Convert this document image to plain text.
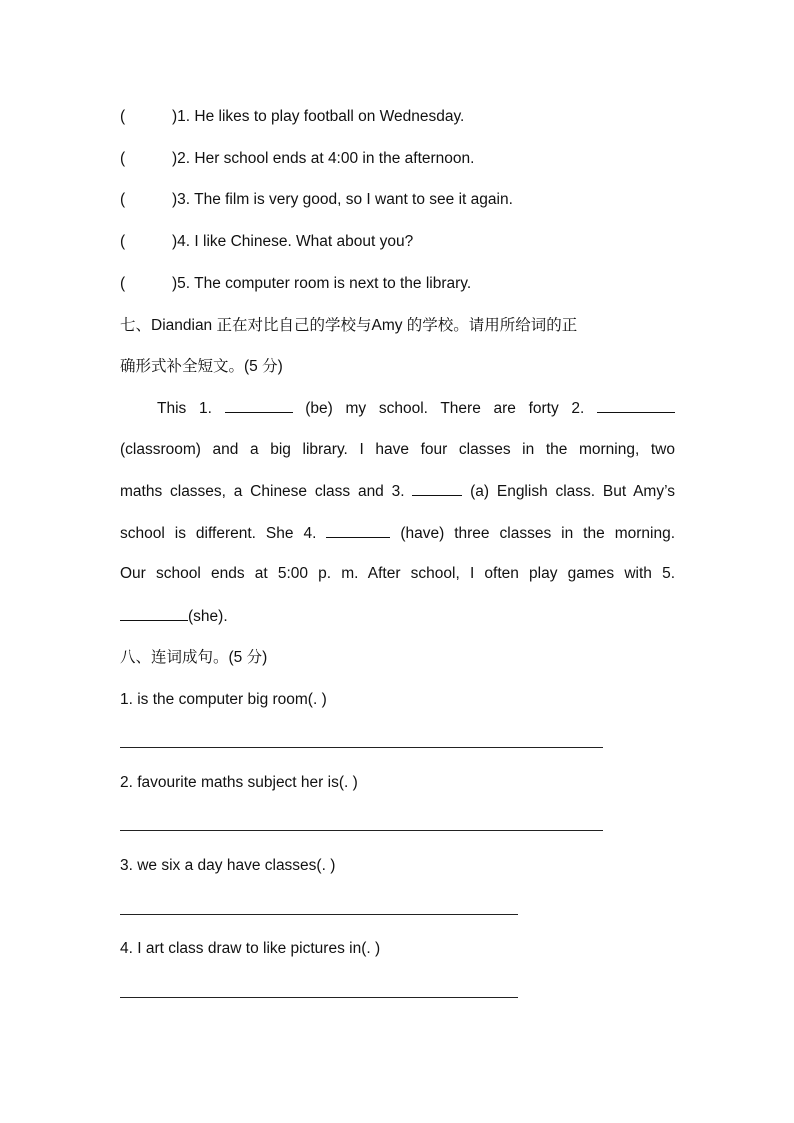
(	)1. He likes to play football on Wednesday.
(	)2. Her school ends at 4:00 in the afternoon.
(	)3. The film is very good, so I want to see it again.
(	)4. I like Chinese. What about you?
(	)5. The computer room is next to the library.
七、Diandian 正在对比自己的学校与Amy 的学校。请用所给词的正
确形式补全短文。(5 分)
This 1.	(be) my school. There are forty 2.
(classroom) and a big library. I have four classes in the morning, two
maths classes, a Chinese class and 3.	(a) English class. But Amy’s
school is different. She 4.	(have) three classes in the morning.
Our school ends at 5:00 p. m. After school, I often play games with 5.
(she).
八、连词成句。(5 分)
1. is the computer big room(. )
2. favourite maths subject her is(. )
3. we six a day have classes(. )
4. I art class draw to like pictures in(. )
